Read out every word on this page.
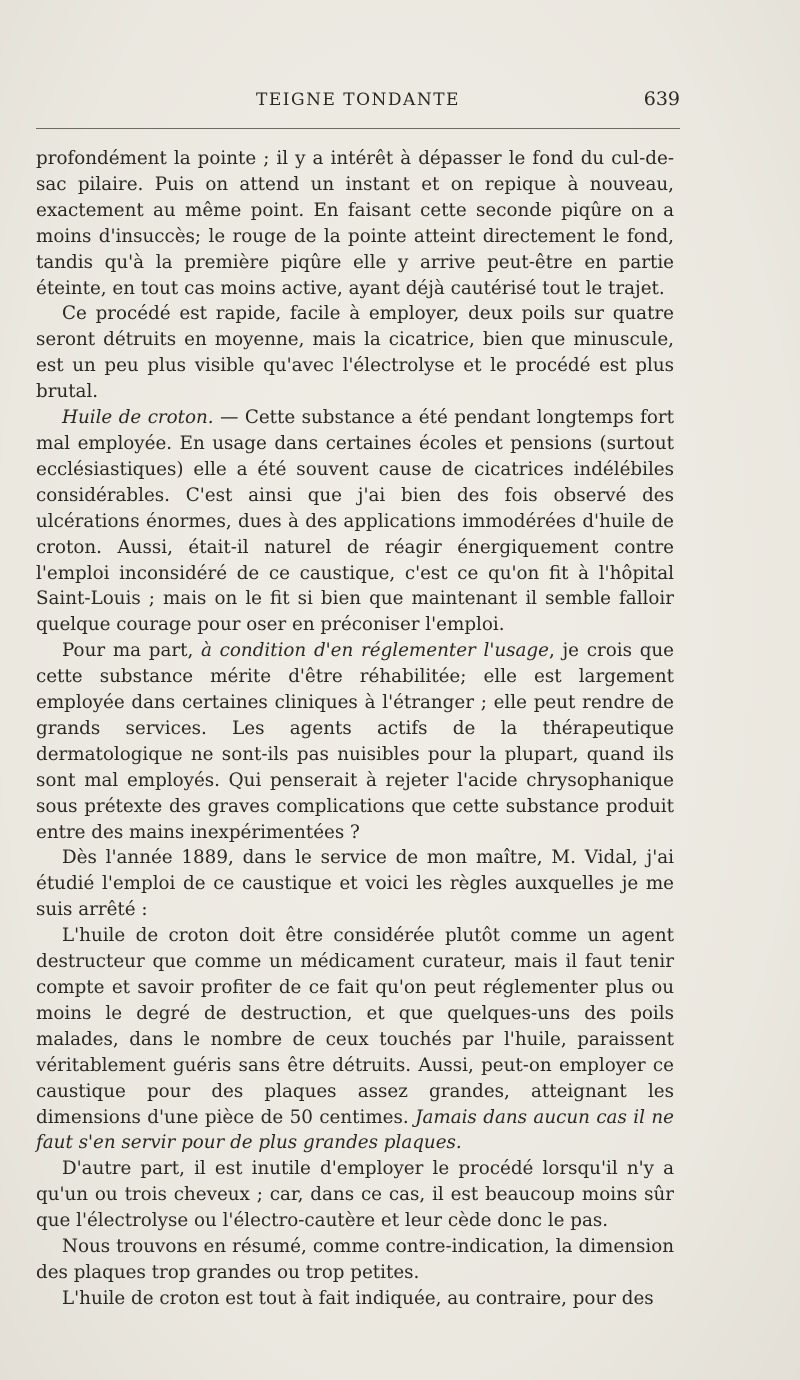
TEIGNE TONDANTE	639

profondément la pointe ; il y a intérêt à dépasser le fond du cul-de-sac pilaire. Puis on attend un instant et on repique à nouveau, exactement au même point. En faisant cette seconde piqûre on a moins d'insuccès; le rouge de la pointe atteint directement le fond, tandis qu'à la première piqûre elle y arrive peut-être en partie éteinte, en tout cas moins active, ayant déjà cautérisé tout le trajet.

Ce procédé est rapide, facile à employer, deux poils sur quatre seront détruits en moyenne, mais la cicatrice, bien que minuscule, est un peu plus visible qu'avec l'électrolyse et le procédé est plus brutal.

Huile de croton. — Cette substance a été pendant longtemps fort mal employée. En usage dans certaines écoles et pensions (surtout ecclésiastiques) elle a été souvent cause de cicatrices indélébiles considérables. C'est ainsi que j'ai bien des fois observé des ulcérations énormes, dues à des applications immodérées d'huile de croton. Aussi, était-il naturel de réagir énergiquement contre l'emploi inconsidéré de ce caustique, c'est ce qu'on fit à l'hôpital Saint-Louis ; mais on le fit si bien que maintenant il semble falloir quelque courage pour oser en préconiser l'emploi.

Pour ma part, à condition d'en réglementer l'usage, je crois que cette substance mérite d'être réhabilitée; elle est largement employée dans certaines cliniques à l'étranger ; elle peut rendre de grands services. Les agents actifs de la thérapeutique dermatologique ne sont-ils pas nuisibles pour la plupart, quand ils sont mal employés. Qui penserait à rejeter l'acide chrysophanique sous prétexte des graves complications que cette substance produit entre des mains inexpérimentées ?

Dès l'année 1889, dans le service de mon maître, M. Vidal, j'ai étudié l'emploi de ce caustique et voici les règles auxquelles je me suis arrêté :

L'huile de croton doit être considérée plutôt comme un agent destructeur que comme un médicament curateur, mais il faut tenir compte et savoir profiter de ce fait qu'on peut réglementer plus ou moins le degré de destruction, et que quelques-uns des poils malades, dans le nombre de ceux touchés par l'huile, paraissent véritablement guéris sans être détruits. Aussi, peut-on employer ce caustique pour des plaques assez grandes, atteignant les dimensions d'une pièce de 50 centimes. Jamais dans aucun cas il ne faut s'en servir pour de plus grandes plaques.

D'autre part, il est inutile d'employer le procédé lorsqu'il n'y a qu'un ou trois cheveux ; car, dans ce cas, il est beaucoup moins sûr que l'électrolyse ou l'électro-cautère et leur cède donc le pas.

Nous trouvons en résumé, comme contre-indication, la dimension des plaques trop grandes ou trop petites.

L'huile de croton est tout à fait indiquée, au contraire, pour des
